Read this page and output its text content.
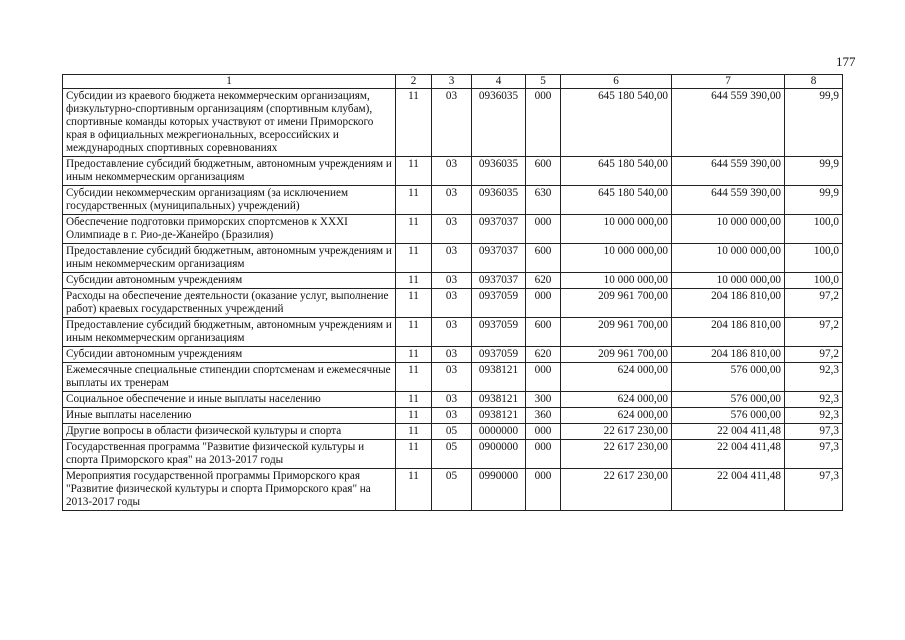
177
1	2	3	4	5	6	7	8
Субсидии из краевого бюджета некоммерческим организациям, физкультурно-спортивным организациям (спортивным клубам), спортивные команды которых участвуют от имени Приморского края в официальных межрегиональных, всероссийских и международных спортивных соревнованиях	11	03	0936035	000	645 180 540,00	644 559 390,00	99,9
Предоставление субсидий бюджетным, автономным учреждениям и иным некоммерческим организациям	11	03	0936035	600	645 180 540,00	644 559 390,00	99,9
Субсидии некоммерческим организациям (за исключением государственных (муниципальных) учреждений)	11	03	0936035	630	645 180 540,00	644 559 390,00	99,9
Обеспечение подготовки приморских спортсменов к XXXI Олимпиаде в г. Рио-де-Жанейро (Бразилия)	11	03	0937037	000	10 000 000,00	10 000 000,00	100,0
Предоставление субсидий бюджетным, автономным учреждениям и иным некоммерческим организациям	11	03	0937037	600	10 000 000,00	10 000 000,00	100,0
Субсидии автономным учреждениям	11	03	0937037	620	10 000 000,00	10 000 000,00	100,0
Расходы на обеспечение деятельности (оказание услуг, выполнение работ) краевых государственных учреждений	11	03	0937059	000	209 961 700,00	204 186 810,00	97,2
Предоставление субсидий бюджетным, автономным учреждениям и иным некоммерческим организациям	11	03	0937059	600	209 961 700,00	204 186 810,00	97,2
Субсидии автономным учреждениям	11	03	0937059	620	209 961 700,00	204 186 810,00	97,2
Ежемесячные специальные стипендии спортсменам и ежемесячные выплаты их тренерам	11	03	0938121	000	624 000,00	576 000,00	92,3
Социальное обеспечение и иные выплаты населению	11	03	0938121	300	624 000,00	576 000,00	92,3
Иные выплаты населению	11	03	0938121	360	624 000,00	576 000,00	92,3
Другие вопросы в области физической культуры и спорта	11	05	0000000	000	22 617 230,00	22 004 411,48	97,3
Государственная программа "Развитие физической культуры и спорта Приморского края" на 2013-2017 годы	11	05	0900000	000	22 617 230,00	22 004 411,48	97,3
Мероприятия государственной программы Приморского края "Развитие физической культуры и спорта Приморского края" на 2013-2017 годы	11	05	0990000	000	22 617 230,00	22 004 411,48	97,3
